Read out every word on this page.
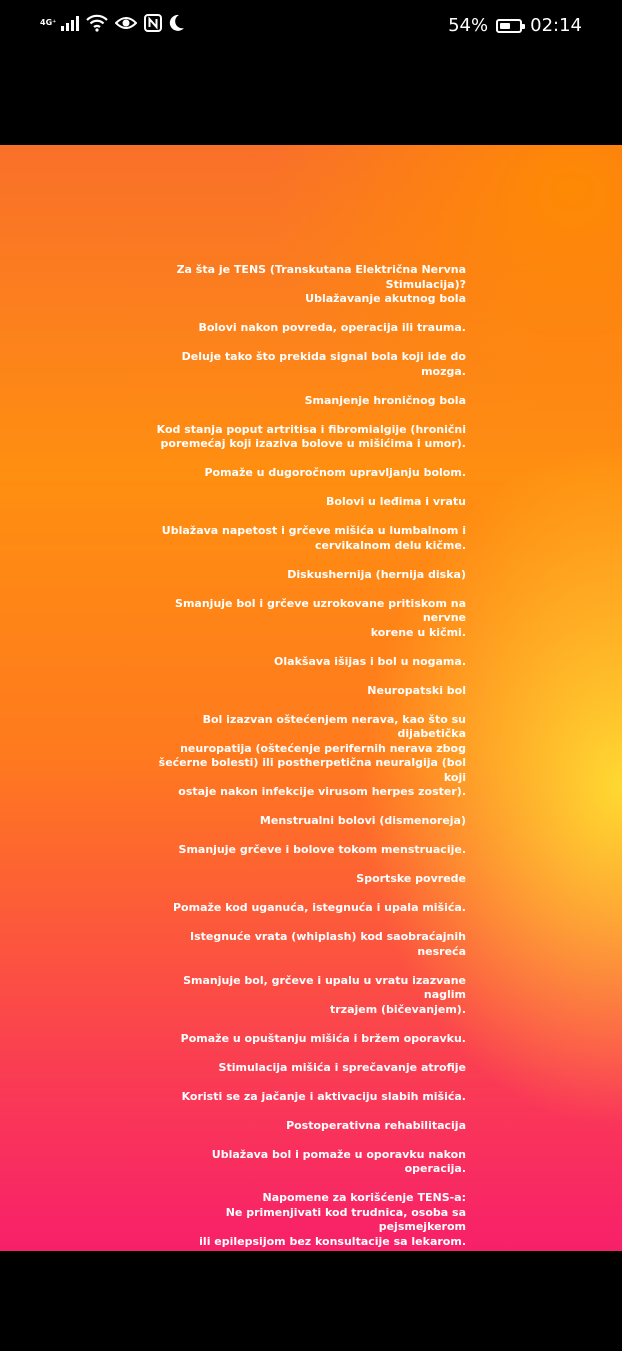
4G⁺	54% 02:14

Za šta je TENS (Transkutana Električna Nervna
Stimulacija)?
Ublažavanje akutnog bola

Bolovi nakon povreda, operacija ili trauma.

Deluje tako što prekida signal bola koji ide do mozga.

Smanjenje hroničnog bola

Kod stanja poput artritisa i fibromialgije (hronični
poremećaj koji izaziva bolove u mišićima i umor).

Pomaže u dugoročnom upravljanju bolom.

Bolovi u leđima i vratu

Ublažava napetost i grčeve mišića u lumbalnom i
cervikalnom delu kičme.

Diskushernija (hernija diska)

Smanjuje bol i grčeve uzrokovane pritiskom na nervne
korene u kičmi.

Olakšava išijas i bol u nogama.

Neuropatski bol

Bol izazvan oštećenjem nerava, kao što su dijabetička
neuropatija (oštećenje perifernih nerava zbog
šećerne bolesti) ili postherpetična neuralgija (bol koji
ostaje nakon infekcije virusom herpes zoster).

Menstrualni bolovi (dismenoreja)

Smanjuje grčeve i bolove tokom menstruacije.

Sportske povrede

Pomaže kod uganuća, istegnuća i upala mišića.

Istegnuće vrata (whiplash) kod saobraćajnih nesreća

Smanjuje bol, grčeve i upalu u vratu izazvane naglim
trzajem (bičevanjem).

Pomaže u opuštanju mišića i bržem oporavku.

Stimulacija mišića i sprečavanje atrofije

Koristi se za jačanje i aktivaciju slabih mišića.

Postoperativna rehabilitacija

Ublažava bol i pomaže u oporavku nakon operacija.

Napomene za korišćenje TENS-a:
Ne primenjivati kod trudnica, osoba sa pejsmejkerom
ili epilepsijom bez konsultacije sa lekarom.
